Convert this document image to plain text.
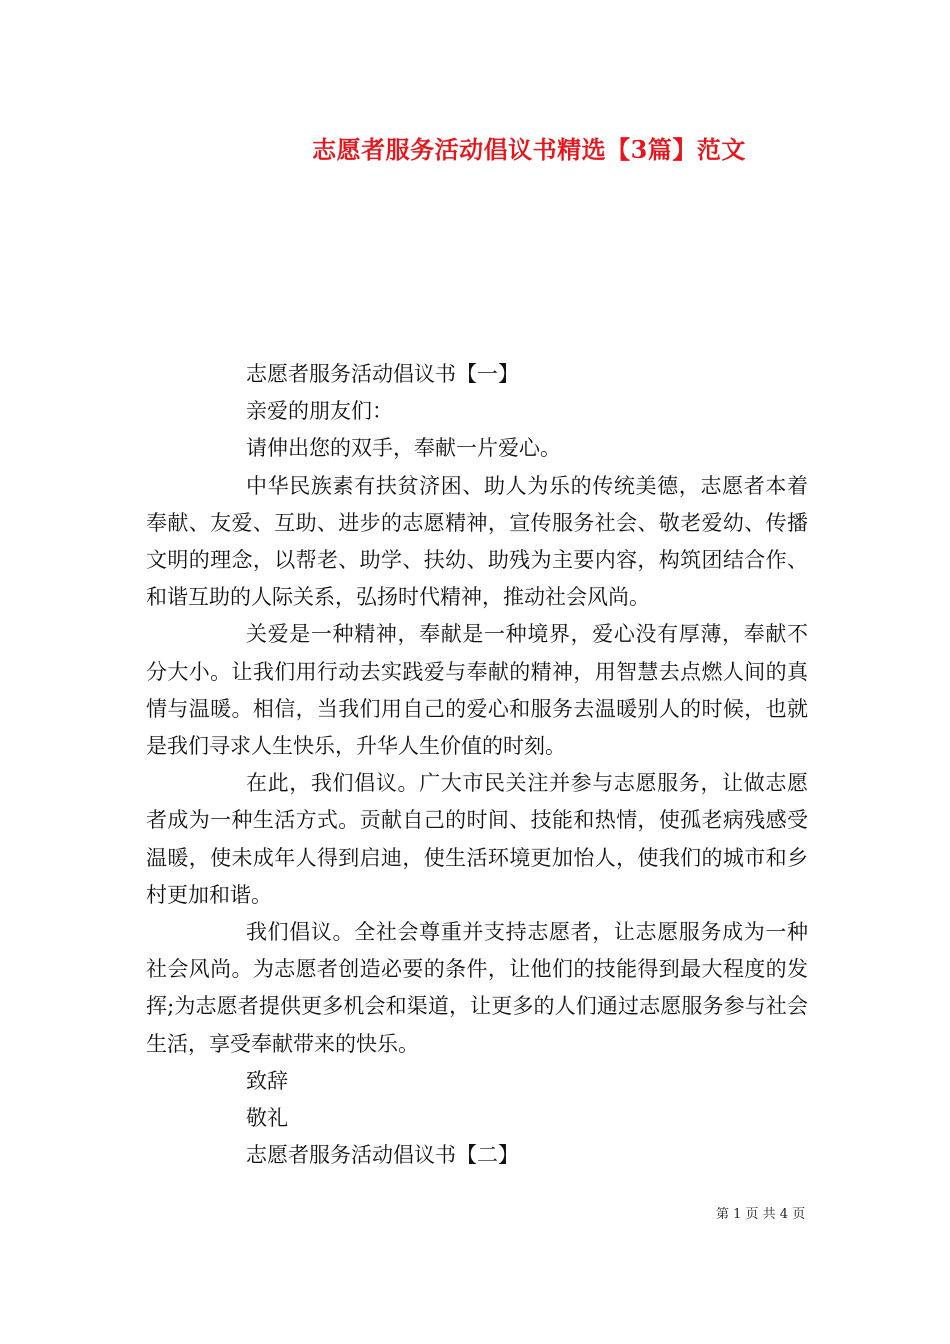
志愿者服务活动倡议书精选【3篇】范文

志愿者服务活动倡议书【一】

亲爱的朋友们：

请伸出您的双手，奉献一片爱心。

中华民族素有扶贫济困、助人为乐的传统美德，志愿者本着奉献、友爱、互助、进步的志愿精神，宣传服务社会、敬老爱幼、传播文明的理念，以帮老、助学、扶幼、助残为主要内容，构筑团结合作、和谐互助的人际关系，弘扬时代精神，推动社会风尚。

关爱是一种精神，奉献是一种境界，爱心没有厚薄，奉献不分大小。让我们用行动去实践爱与奉献的精神，用智慧去点燃人间的真情与温暖。相信，当我们用自己的爱心和服务去温暖别人的时候，也就是我们寻求人生快乐，升华人生价值的时刻。

在此，我们倡议。广大市民关注并参与志愿服务，让做志愿者成为一种生活方式。贡献自己的时间、技能和热情，使孤老病残感受温暖，使未成年人得到启迪，使生活环境更加怡人，使我们的城市和乡村更加和谐。

我们倡议。全社会尊重并支持志愿者，让志愿服务成为一种社会风尚。为志愿者创造必要的条件，让他们的技能得到最大程度的发挥;为志愿者提供更多机会和渠道，让更多的人们通过志愿服务参与社会生活，享受奉献带来的快乐。

致辞

敬礼

志愿者服务活动倡议书【二】

第 1 页 共 4 页
